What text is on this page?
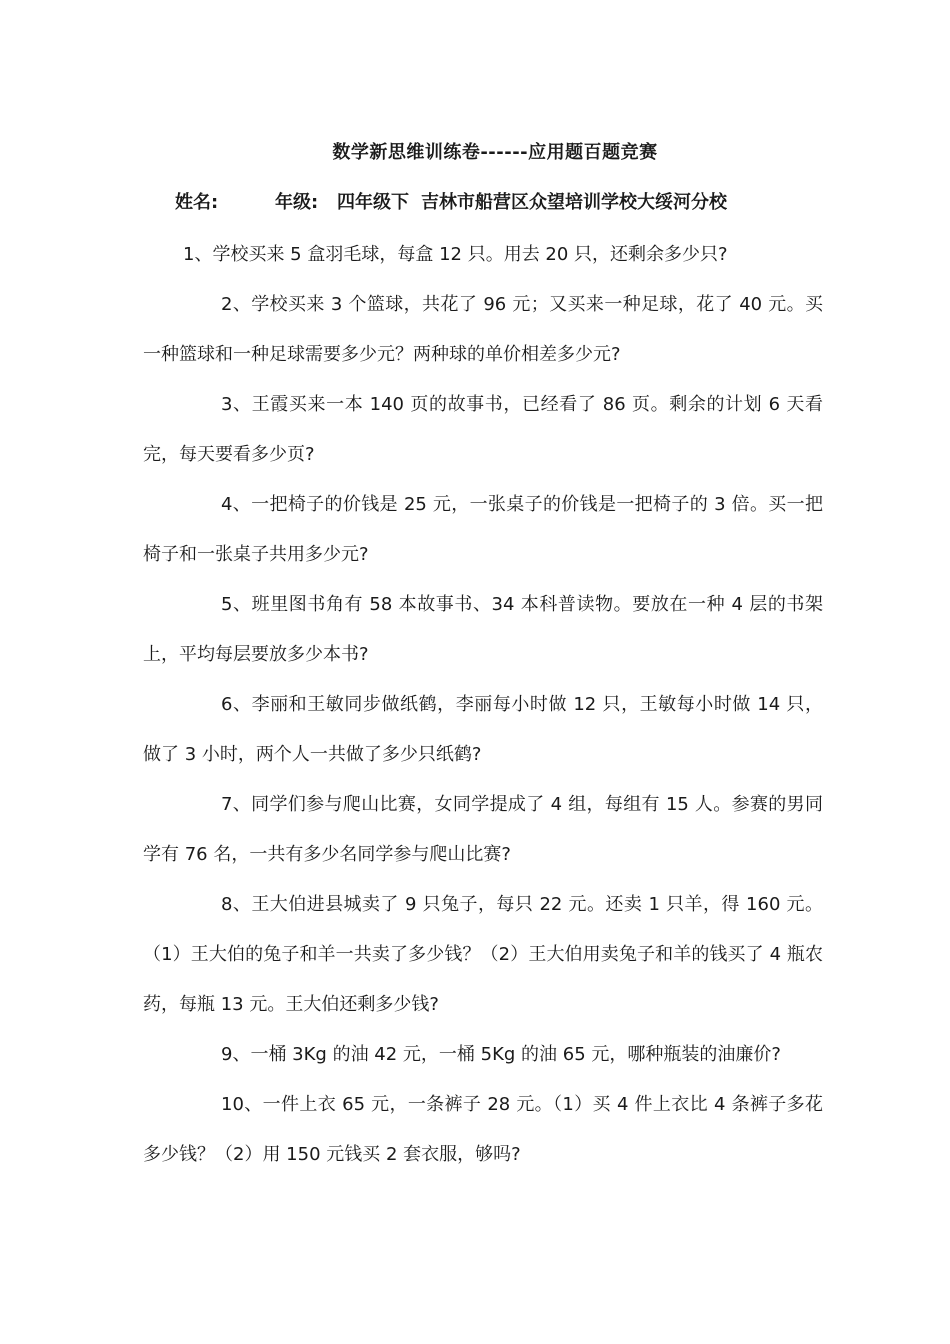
数学新思维训练卷------应用题百题竞赛
姓名:	年级: 四年级下 吉林市船营区众望培训学校大绥河分校

1、学校买来 5 盒羽毛球，每盒 12 只。用去 20 只，还剩余多少只?

2、学校买来 3 个篮球，共花了 96 元；又买来一种足球，花了 40 元。买一种篮球和一种足球需要多少元？两种球的单价相差多少元?

3、王霞买来一本 140 页的故事书，已经看了 86 页。剩余的计划 6 天看完，每天要看多少页?

4、一把椅子的价钱是 25 元，一张桌子的价钱是一把椅子的 3 倍。买一把椅子和一张桌子共用多少元?

5、班里图书角有 58 本故事书、34 本科普读物。要放在一种 4 层的书架上，平均每层要放多少本书?

6、李丽和王敏同步做纸鹤，李丽每小时做 12 只，王敏每小时做 14 只，做了 3 小时，两个人一共做了多少只纸鹤?

7、同学们参与爬山比赛，女同学提成了 4 组，每组有 15 人。参赛的男同学有 76 名，一共有多少名同学参与爬山比赛?

8、王大伯进县城卖了 9 只兔子，每只 22 元。还卖 1 只羊，得 160 元。（1）王大伯的兔子和羊一共卖了多少钱？（2）王大伯用卖兔子和羊的钱买了 4 瓶农药，每瓶 13 元。王大伯还剩多少钱?

9、一桶 3Kg 的油 42 元，一桶 5Kg 的油 65 元，哪种瓶装的油廉价?

10、一件上衣 65 元，一条裤子 28 元。（1）买 4 件上衣比 4 条裤子多花多少钱？（2）用 150 元钱买 2 套衣服，够吗?
